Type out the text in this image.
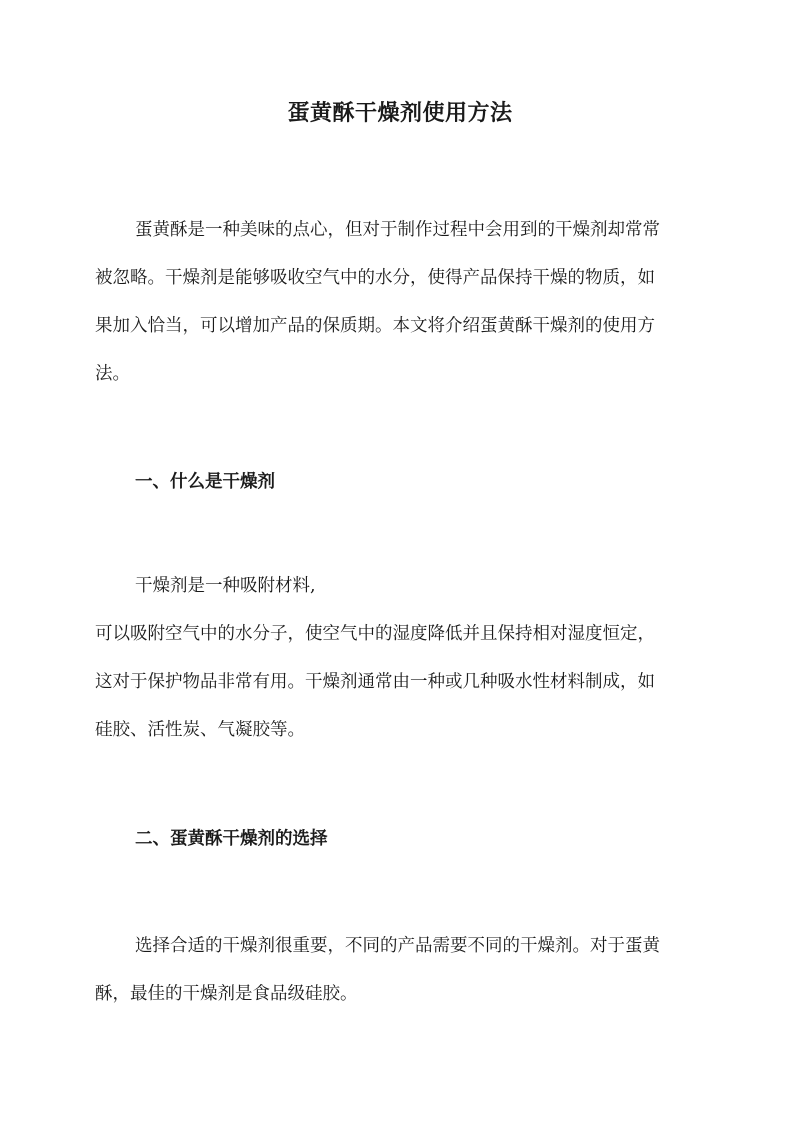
蛋黄酥干燥剂使用方法

蛋黄酥是一种美味的点心，但对于制作过程中会用到的干燥剂却常常
被忽略。干燥剂是能够吸收空气中的水分，使得产品保持干燥的物质，如
果加入恰当，可以增加产品的保质期。本文将介绍蛋黄酥干燥剂的使用方
法。

一、什么是干燥剂

干燥剂是一种吸附材料,
可以吸附空气中的水分子，使空气中的湿度降低并且保持相对湿度恒定，
这对于保护物品非常有用。干燥剂通常由一种或几种吸水性材料制成，如
硅胶、活性炭、气凝胶等。

二、蛋黄酥干燥剂的选择

选择合适的干燥剂很重要，不同的产品需要不同的干燥剂。对于蛋黄
酥，最佳的干燥剂是食品级硅胶。
